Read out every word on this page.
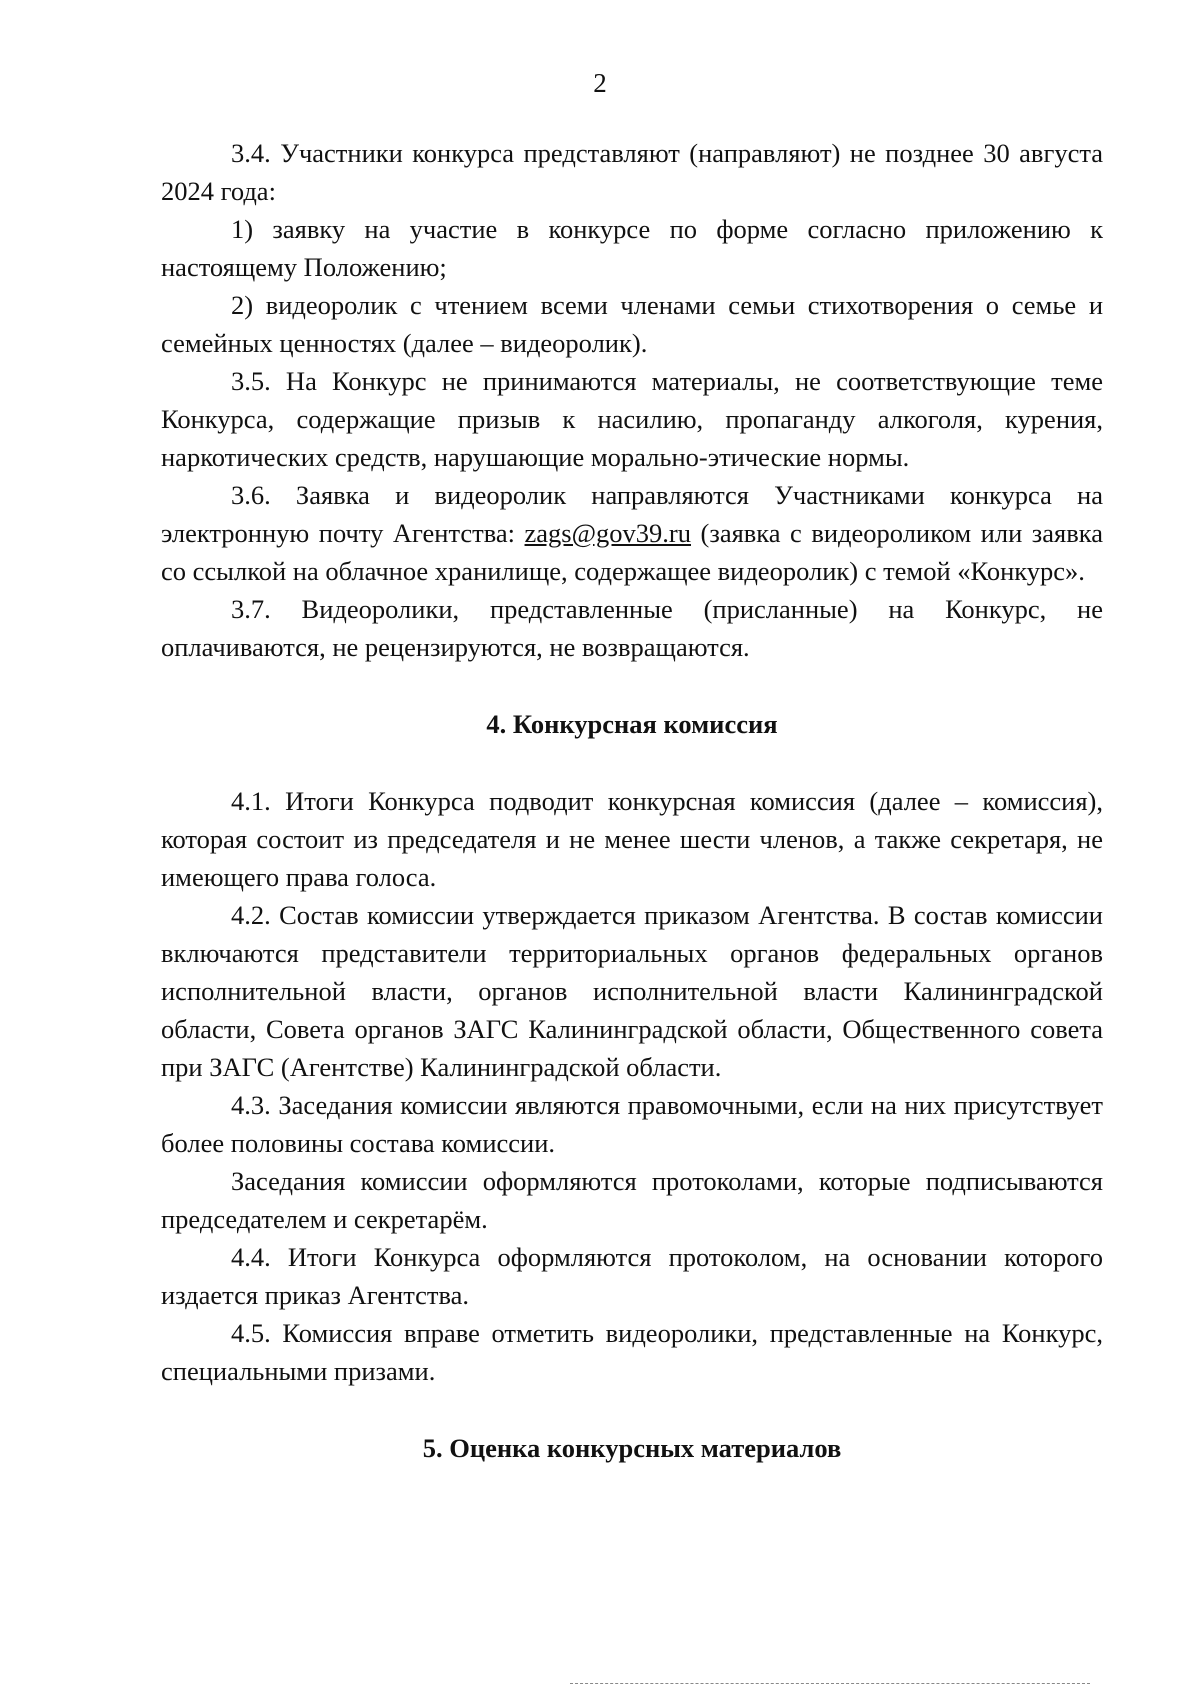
2

3.4. Участники конкурса представляют (направляют) не позднее 30 августа 2024 года:

1) заявку на участие в конкурсе по форме согласно приложению к настоящему Положению;

2) видеоролик с чтением всеми членами семьи стихотворения о семье и семейных ценностях (далее – видеоролик).

3.5. На Конкурс не принимаются материалы, не соответствующие теме Конкурса, содержащие призыв к насилию, пропаганду алкоголя, курения, наркотических средств, нарушающие морально-этические нормы.

3.6. Заявка и видеоролик направляются Участниками конкурса на электронную почту Агентства: zags@gov39.ru (заявка с видеороликом или заявка со ссылкой на облачное хранилище, содержащее видеоролик) с темой «Конкурс».

3.7. Видеоролики, представленные (присланные) на Конкурс, не оплачиваются, не рецензируются, не возвращаются.

4. Конкурсная комиссия

4.1. Итоги Конкурса подводит конкурсная комиссия (далее – комиссия), которая состоит из председателя и не менее шести членов, а также секретаря, не имеющего права голоса.

4.2. Состав комиссии утверждается приказом Агентства. В состав комиссии включаются представители территориальных органов федеральных органов исполнительной власти, органов исполнительной власти Калининградской области, Совета органов ЗАГС Калининградской области, Общественного совета при ЗАГС (Агентстве) Калининградской области.

4.3. Заседания комиссии являются правомочными, если на них присутствует более половины состава комиссии.

Заседания комиссии оформляются протоколами, которые подписываются председателем и секретарём.

4.4. Итоги Конкурса оформляются протоколом, на основании которого издается приказ Агентства.

4.5. Комиссия вправе отметить видеоролики, представленные на Конкурс, специальными призами.

5. Оценка конкурсных материалов
